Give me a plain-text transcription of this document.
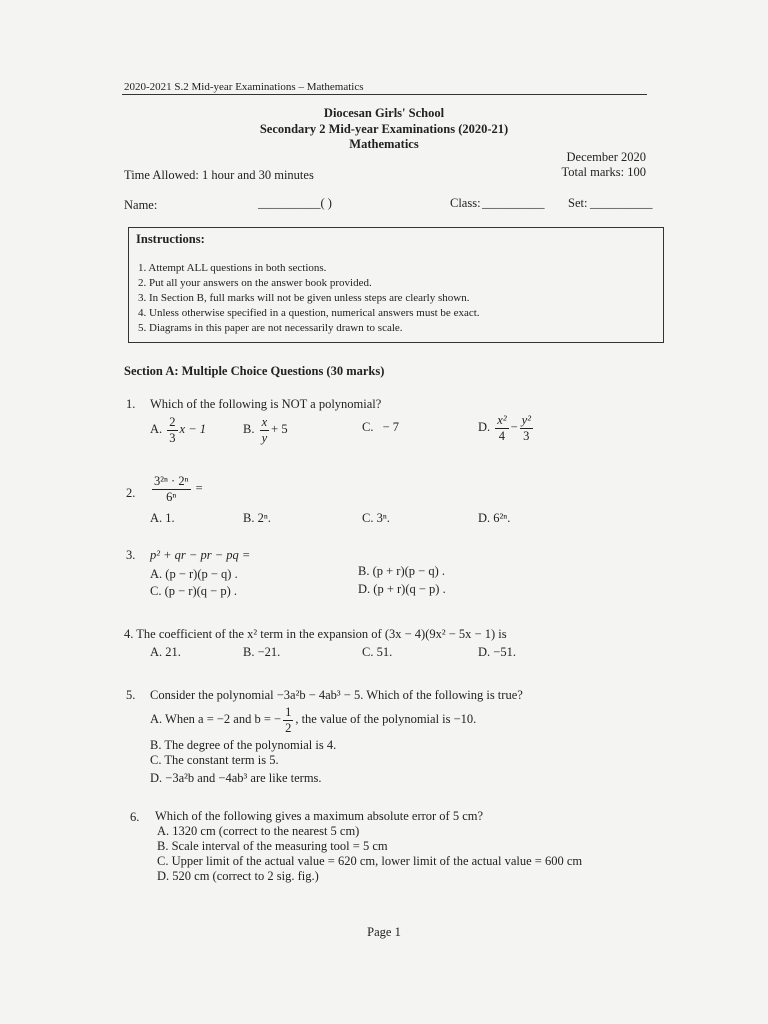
2020-2021 S.2 Mid-year Examinations – Mathematics
Diocesan Girls' School
Secondary 2 Mid-year Examinations (2020-21)
Mathematics
December 2020
Total marks: 100
Time Allowed: 1 hour and 30 minutes
Name:	__________( )	Class: __________ Set: __________
Instructions:
1. Attempt ALL questions in both sections.
2. Put all your answers on the answer book provided.
3. In Section B, full marks will not be given unless steps are clearly shown.
4. Unless otherwise specified in a question, numerical answers must be exact.
5. Diagrams in this paper are not necessarily drawn to scale.
Section A: Multiple Choice Questions (30 marks)
1. Which of the following is NOT a polynomial?
A. $\frac{2}{3}$ x − 1	B. $\frac{x}{y} + 5$	C. − 7	D. $\frac{\text{x²}}{4} - \frac{\text{y²}}{3}$
2. $\frac{\text{3²ⁿ · 2ⁿ}}{\text{6ⁿ}}$ =
A. 1.	B. 2ⁿ.	C. 3ⁿ.	D. 6²ⁿ.
3. p² + qr − pr − pq =
A. (p − r)(p − q) .	B. (p + r)(p − q) .
C. (p − r)(q − p) .	D. (p + r)(q − p) .
4. The coefficient of the x² term in the expansion of (3x − 4)(9x² − 5x − 1) is
A. 21.	B. −21.	C. 51.	D. −51.
5. Consider the polynomial −3a²b − 4ab³ − 5. Which of the following is true?
A. When a = −2 and b = − $\frac{1}{2}$ , the value of the polynomial is −10.
B. The degree of the polynomial is 4.
C. The constant term is 5.
D. −3a²b and −4ab³ are like terms.
6. Which of the following gives a maximum absolute error of 5 cm?
A. 1320 cm (correct to the nearest 5 cm)
B. Scale interval of the measuring tool = 5 cm
C. Upper limit of the actual value = 620 cm, lower limit of the actual value = 600 cm
D. 520 cm (correct to 2 sig. fig.)
Page 1
